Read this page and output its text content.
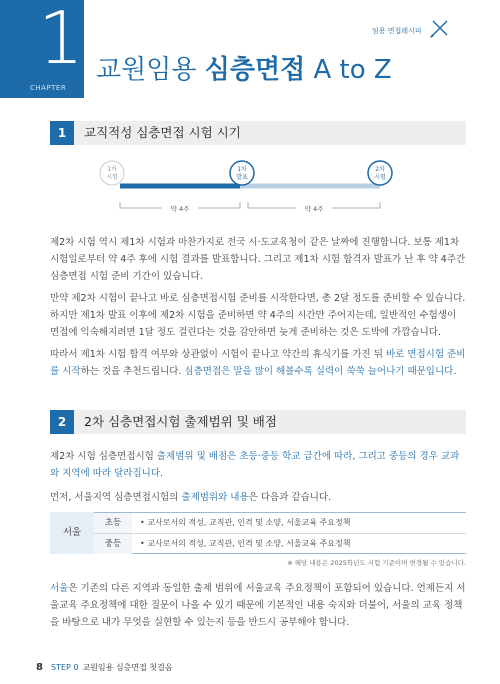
1
CHAPTER
임용 면접레시피
교원임용 심층면접 A to Z
1	교직적성 심층면접 시험 시기
1차
시험
1차
발표
2차
시험
약 4주	약 4주

제2차 시험 역시 제1차 시험과 마찬가지로 전국 시·도교육청이 같은 날짜에 진행합니다. 보통 제1차 시험일로부터 약 4주 후에 시험 결과를 발표합니다. 그리고 제1차 시험 합격자 발표가 난 후 약 4주간 심층면접 시험 준비 기간이 있습니다.

만약 제2차 시험이 끝나고 바로 심층면접시험 준비를 시작한다면, 총 2달 정도를 준비할 수 있습니다. 하지만 제1차 발표 이후에 제2차 시험을 준비하면 약 4주의 시간만 주어지는데, 일반적인 수험생이 면접에 익숙해지려면 1달 정도 걸린다는 것을 감안하면 늦게 준비하는 것은 도박에 가깝습니다.

따라서 제1차 시험 합격 여부와 상관없이 시험이 끝나고 약간의 휴식기를 가진 뒤 바로 면접시험 준비를 시작하는 것을 추천드립니다. 심층면접은 말을 많이 해볼수록 실력이 쑥쑥 늘어나기 때문입니다.

2	2차 심층면접시험 출제범위 및 배점

제2차 시험 심층면접시험 출제범위 및 배점은 초등·중등 학교 급간에 따라, 그리고 중등의 경우 교과와 지역에 따라 달라집니다.

먼저, 서울지역 심층면접시험의 출제범위와 내용은 다음과 같습니다.

서울
초등	• 교사로서의 적성, 교직관, 인격 및 소양, 서울교육 주요정책
중등	• 교사로서의 적성, 교직관, 인격 및 소양, 서울교육 주요정책
※ 해당 내용은 2025학년도 시험 기준이며 변경될 수 있습니다.

서울은 기존의 다른 지역과 동일한 출제 범위에 서울교육 주요정책이 포함되어 있습니다. 언제든지 서울교육 주요정책에 대한 질문이 나올 수 있기 때문에 기본적인 내용 숙지와 더불어, 서울의 교육 정책을 바탕으로 내가 무엇을 실현할 수 있는지 등을 반드시 공부해야 합니다.

8 STEP 0 교원임용 심층면접 첫걸음
